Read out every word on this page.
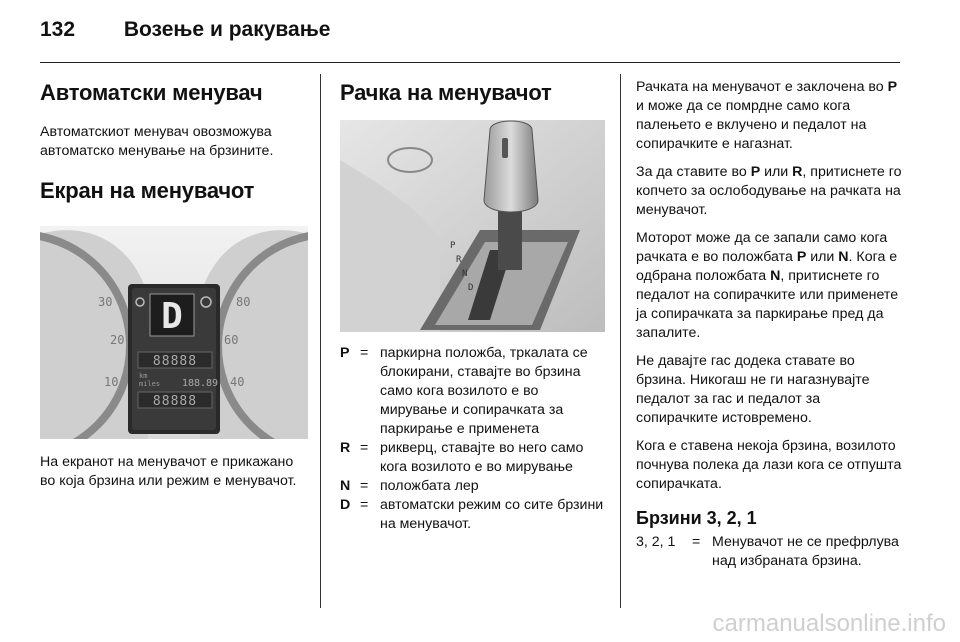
132 Возење и ракување
Автоматски менувач

Автоматскиот менувач овозможува автоматско менување на брзините.

Екран на менувачот
30
20
10
80
60
40
D
88888
km
miles 188.89
88888

На екранот на менувачот е прикажано во која брзина или режим е менувачот.

Рачка на менувачот
P
R
N
D
P = паркирна положба, тркалата се блокирани, ставајте во брзина само кога возилото е во мирување и сопирачката за паркирање е применета
R = рикверц, ставајте во него само кога возилото е во мирување
N = положбата лер
D = автоматски режим со сите брзини на менувачот.

Рачката на менувачот е заклочена во P и може да се помрдне само кога палењето е вклучено и педалот на сопирачките е нагазнат.

За да ставите во P или R, притиснете го копчето за ослободување на рачката на менувачот.

Моторот може да се запали само кога рачката е во положбата P или N. Кога е одбрана положбата N, притиснете го педалот на сопирачките или применете ја сопирачката за паркирање пред да запалите.

Не давајте гас додека ставате во брзина. Никогаш не ги нагазнувајте педалот за гас и педалот за сопирачките истовремено.

Кога е ставена некоја брзина, возилото почнува полека да лази кога се отпушта сопирачката.

Брзини 3, 2, 1
3, 2, 1	= Менувачот не се префрлува над избраната брзина.
carmanualsonline.info
